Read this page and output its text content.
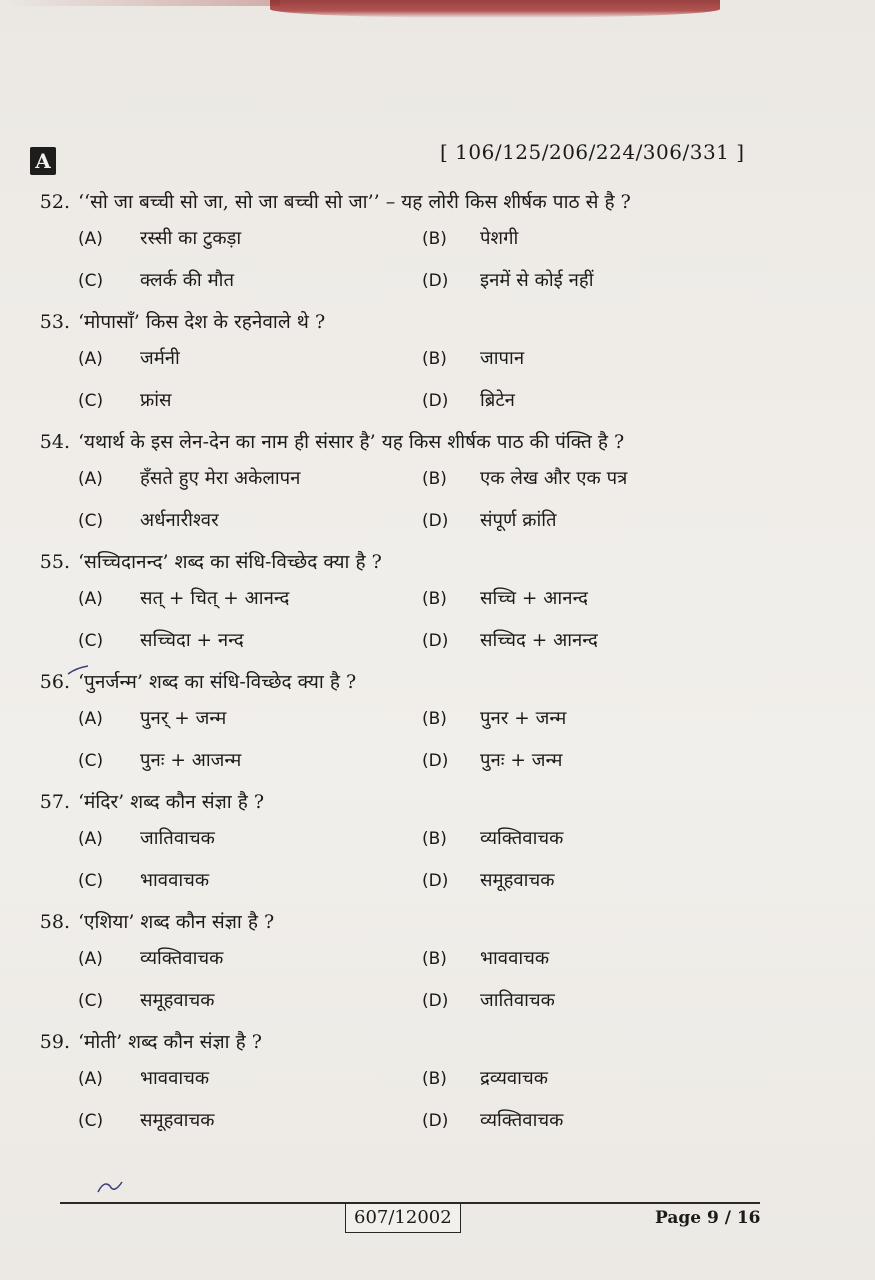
A	[ 106/125/206/224/306/331 ]
52. ‘‘सो जा बच्ची सो जा, सो जा बच्ची सो जा’’ – यह लोरी किस शीर्षक पाठ से है ?
(A)	रस्सी का टुकड़ा	(B)	पेशगी
(C)	क्लर्क की मौत	(D)	इनमें से कोई नहीं
53. ‘मोपासाँ’ किस देश के रहनेवाले थे ?
(A)	जर्मनी	(B)	जापान
(C)	फ्रांस	(D)	ब्रिटेन
54. ‘यथार्थ के इस लेन-देन का नाम ही संसार है’ यह किस शीर्षक पाठ की पंक्ति है ?
(A)	हँसते हुए मेरा अकेलापन	(B)	एक लेख और एक पत्र
(C)	अर्धनारीश्वर	(D)	संपूर्ण क्रांति
55. ‘सच्चिदानन्द’ शब्द का संधि-विच्छेद क्या है ?
(A)	सत् + चित् + आनन्द	(B)	सच्चि + आनन्द
(C)	सच्चिदा + नन्द	(D)	सच्चिद + आनन्द
56. ‘पुनर्जन्म’ शब्द का संधि-विच्छेद क्या है ?
(A)	पुनर् + जन्म	(B)	पुनर + जन्म
(C)	पुनः + आजन्म	(D)	पुनः + जन्म
57. ‘मंदिर’ शब्द कौन संज्ञा है ?
(A)	जातिवाचक	(B)	व्यक्तिवाचक
(C)	भाववाचक	(D)	समूहवाचक
58. ‘एशिया’ शब्द कौन संज्ञा है ?
(A)	व्यक्तिवाचक	(B)	भाववाचक
(C)	समूहवाचक	(D)	जातिवाचक
59. ‘मोती’ शब्द कौन संज्ञा है ?
(A)	भाववाचक	(B)	द्रव्यवाचक
(C)	समूहवाचक	(D)	व्यक्तिवाचक
607/12002	Page 9 / 16
